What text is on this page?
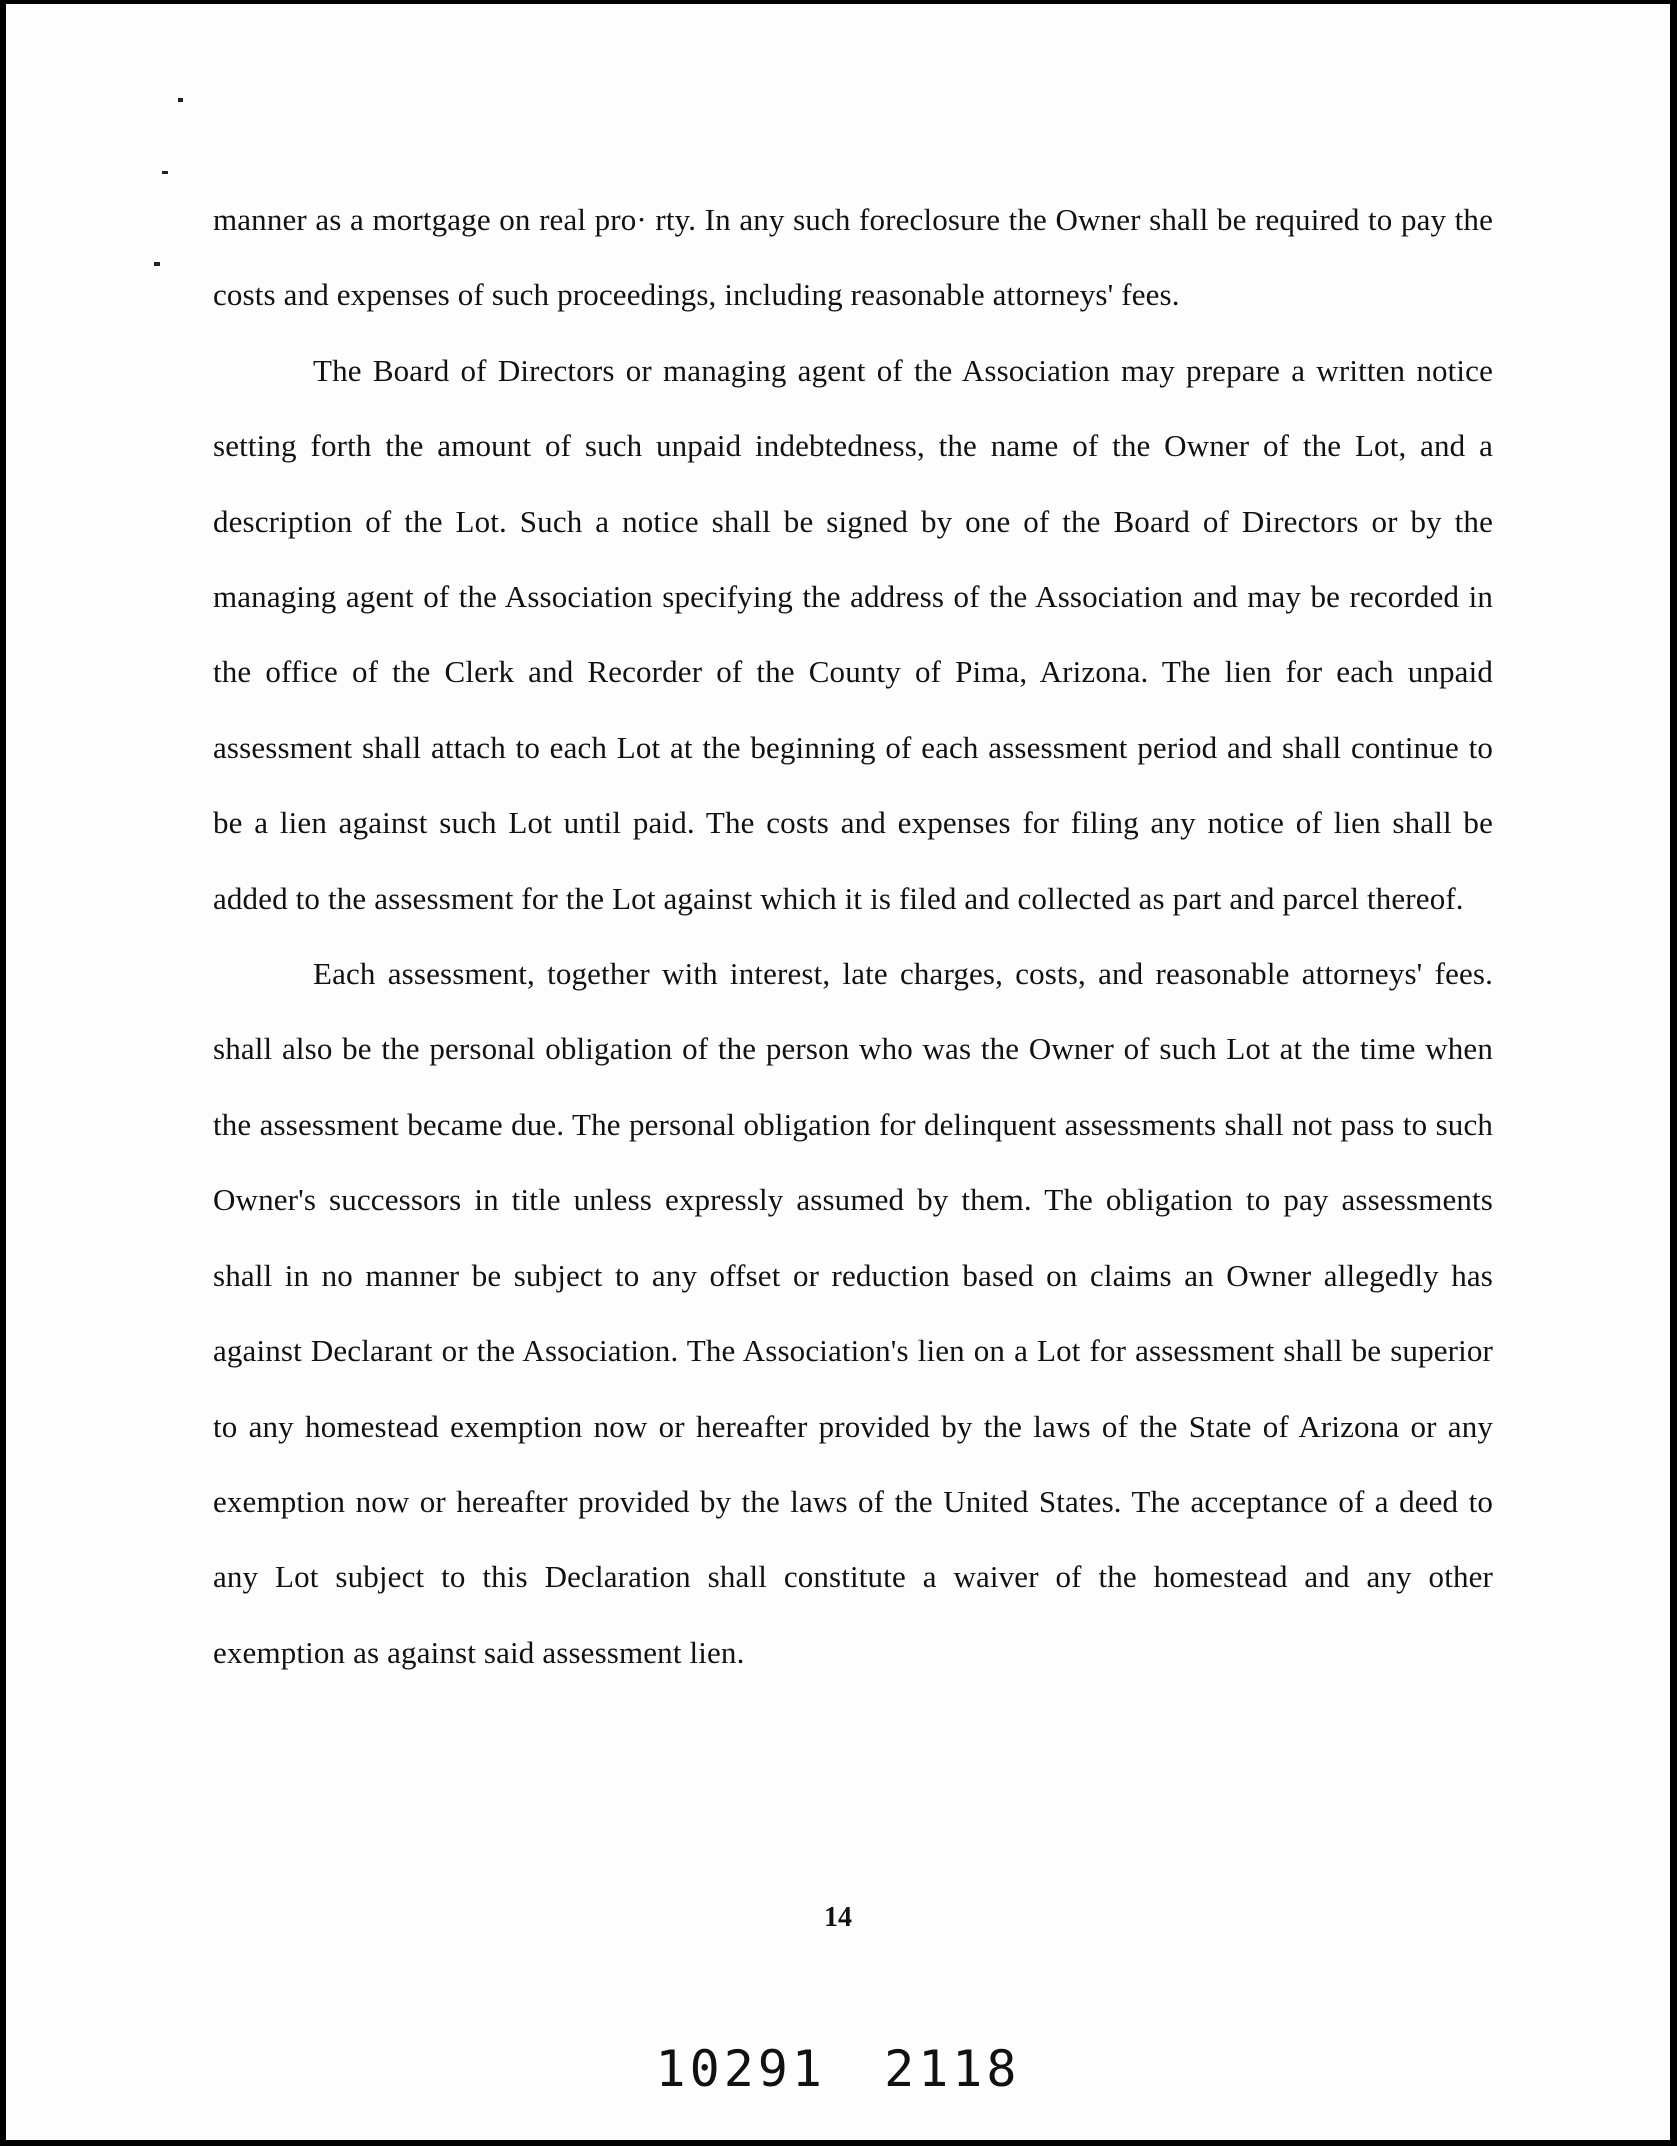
manner as a mortgage on real pro· rty. In any such foreclosure the Owner shall be required to pay the costs and expenses of such proceedings, including reasonable attorneys' fees.

The Board of Directors or managing agent of the Association may prepare a written notice setting forth the amount of such unpaid indebtedness, the name of the Owner of the Lot, and a description of the Lot. Such a notice shall be signed by one of the Board of Directors or by the managing agent of the Association specifying the address of the Association and may be recorded in the office of the Clerk and Recorder of the County of Pima, Arizona. The lien for each unpaid assessment shall attach to each Lot at the beginning of each assessment period and shall continue to be a lien against such Lot until paid. The costs and expenses for filing any notice of lien shall be added to the assessment for the Lot against which it is filed and collected as part and parcel thereof.

Each assessment, together with interest, late charges, costs, and reasonable attorneys' fees. shall also be the personal obligation of the person who was the Owner of such Lot at the time when the assessment became due. The personal obligation for delinquent assessments shall not pass to such Owner's successors in title unless expressly assumed by them. The obligation to pay assessments shall in no manner be subject to any offset or reduction based on claims an Owner allegedly has against Declarant or the Association. The Association's lien on a Lot for assessment shall be superior to any homestead exemption now or hereafter provided by the laws of the State of Arizona or any exemption now or hereafter provided by the laws of the United States. The acceptance of a deed to any Lot subject to this Declaration shall constitute a waiver of the homestead and any other exemption as against said assessment lien.

14
10291 2118
